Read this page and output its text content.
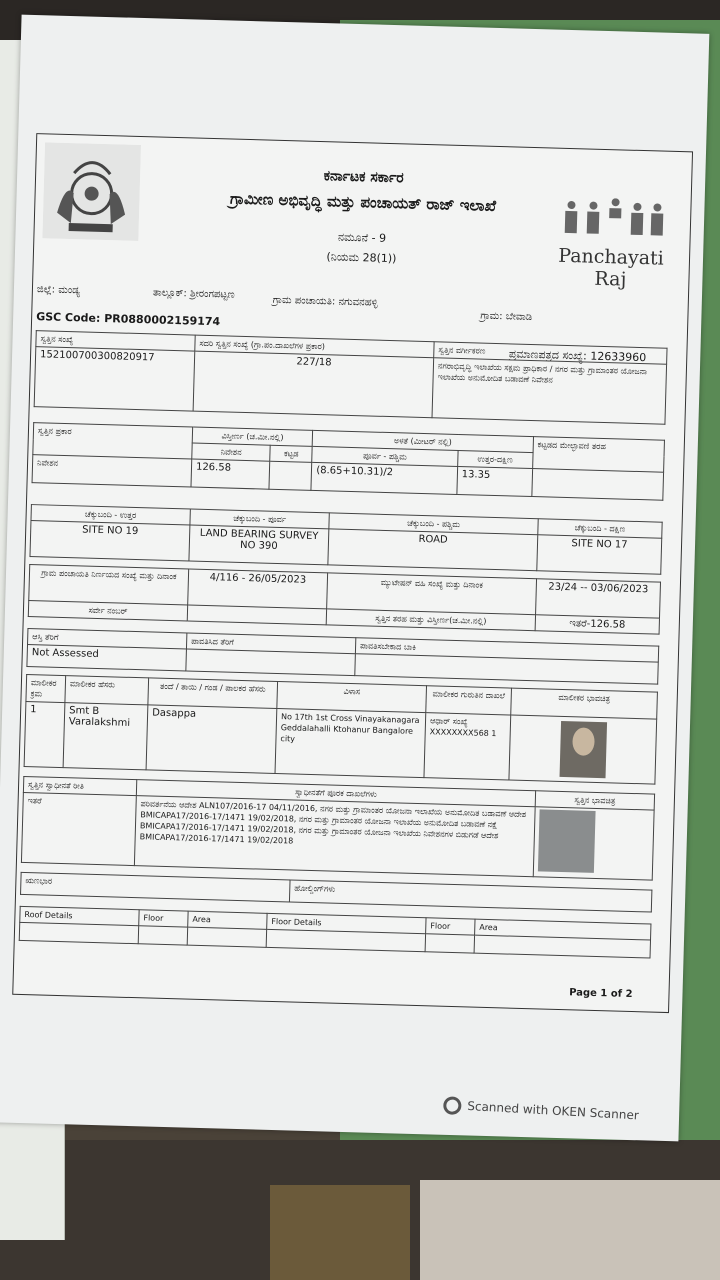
ಕರ್ನಾಟಕ ಸರ್ಕಾರ
ಗ್ರಾಮೀಣ ಅಭಿವೃದ್ಧಿ ಮತ್ತು ಪಂಚಾಯತ್ ರಾಜ್ ಇಲಾಖೆ
ನಮೂನೆ - 9
(ನಿಯಮ 28(1))	Panchayati Raj
ಜಿಲ್ಲೆ: ಮಂಡ್ಯ	ತಾಲ್ಲೂಕ್: ಶ್ರೀರಂಗಪಟ್ಟಣ
ಗ್ರಾಮ ಪಂಚಾಯತಿ: ನಗುವನಹಳ್ಳಿ
ಗ್ರಾಮ: ಬೇವಾಡಿ
GSC Code: PR0880002159174
ಪ್ರಮಾಣಪತ್ರದ ಸಂಖ್ಯೆ: 12633960
ಸ್ವತ್ತಿನ ಸಂಖ್ಯೆ	ಸದರಿ ಸ್ವತ್ತಿನ ಸಂಖ್ಯೆ (ಗ್ರಾ.ಪಂ.ದಾಖಲೆಗಳ ಪ್ರಕಾರ)	ಸ್ವತ್ತಿನ ವರ್ಗೀಕರಣ
152100700300820917	227/18	ನಗರಾಭಿವೃದ್ಧಿ ಇಲಾಖೆಯ ಸಕ್ಷಮ ಪ್ರಾಧಿಕಾರ / ನಗರ ಮತ್ತು ಗ್ರಾಮಾಂತರ ಯೋಜನಾ ಇಲಾಖೆಯ ಅನುಮೋದಿತ ಬಡಾವಣೆ ನಿವೇಶನ
ಸ್ವತ್ತಿನ ಪ್ರಕಾರ	ವಿಸ್ತೀರ್ಣ (ಚ.ಮೀ.ನಲ್ಲಿ)		ಅಳತೆ (ಮೀಟರ್ ನಲ್ಲಿ)		ಕಟ್ಟಡದ ಮೇಲ್ಛಾವಣಿ ತರಹ
	ನಿವೇಶನ	ಕಟ್ಟಡ	ಪೂರ್ವ - ಪಶ್ಚಿಮ	ಉತ್ತರ-ದಕ್ಷಿಣ	
ನಿವೇಶನ	126.58		(8.65+10.31)/2	13.35	
ಚೆಕ್ಕುಬಂದಿ - ಉತ್ತರ	ಚೆಕ್ಕುಬಂದಿ - ಪೂರ್ವ	ಚೆಕ್ಕುಬಂದಿ - ಪಶ್ಚಿಮ	ಚೆಕ್ಕುಬಂದಿ - ದಕ್ಷಿಣ
SITE NO 19	LAND BEARING SURVEY NO 390	ROAD	SITE NO 17
ಗ್ರಾಮ ಪಂಚಾಯತಿ ನಿರ್ಣಯದ ಸಂಖ್ಯೆ ಮತ್ತು ದಿನಾಂಕ	4/116 - 26/05/2023	ಮ್ಯುಟೇಷನ್ ವಹಿ ಸಂಖ್ಯೆ ಮತ್ತು ದಿನಾಂಕ	23/24 -- 03/06/2023
ಸರ್ವೇ ನಂಬರ್		ಸ್ವತ್ತಿನ ತರಹ ಮತ್ತು ವಿಸ್ತೀರ್ಣ(ಚ.ಮೀ.ನಲ್ಲಿ)	ಇತರೆ-126.58
ಆಸ್ತಿ ತೆರಿಗೆ	ಪಾವತಿಸಿದ ತೆರಿಗೆ	ಪಾವತಿಸಬೇಕಾದ ಬಾಕಿ
Not Assessed		
ಮಾಲೀಕರ ಕ್ರಮ	ಮಾಲೀಕರ ಹೆಸರು	ತಂದೆ / ತಾಯಿ / ಗಂಡ / ಪಾಲಕರ ಹೆಸರು	ವಿಳಾಸ	ಮಾಲೀಕರ ಗುರುತಿನ ದಾಖಲೆ	ಮಾಲೀಕರ ಭಾವಚಿತ್ರ
1	Smt B Varalakshmi	Dasappa	No 17th 1st Cross Vinayakanagara Geddalahalli Ktohanur Bangalore city	ಆಧಾರ್ ಸಂಖ್ಯೆ XXXXXXXX568 1	
ಸ್ವತ್ತಿನ ಸ್ವಾಧೀನತೆ ರೀತಿ	ಸ್ವಾಧೀನತೆಗೆ ಪೂರಕ ದಾಖಲೆಗಳು	ಸ್ವತ್ತಿನ ಭಾವಚಿತ್ರ
ಇತರೆ	ಪರಿವರ್ತನೆಯ ಆದೇಶ ALN107/2016-17 04/11/2016, ನಗರ ಮತ್ತು ಗ್ರಾಮಾಂತರ ಯೋಜನಾ ಇಲಾಖೆಯ ಅನುಮೋದಿತ ಬಡಾವಣೆ ಆದೇಶ BMICAPA17/2016-17/1471 19/02/2018, ನಗರ ಮತ್ತು ಗ್ರಾಮಾಂತರ ಯೋಜನಾ ಇಲಾಖೆಯ ಅನುಮೋದಿತ ಬಡಾವಣೆ ನಕ್ಷೆ BMICAPA17/2016-17/1471 19/02/2018, ನಗರ ಮತ್ತು ಗ್ರಾಮಾಂತರ ಯೋಜನಾ ಇಲಾಖೆಯ ನಿವೇಶನಗಳ ಬಿಡುಗಡೆ ಆದೇಶ BMICAPA17/2016-17/1471 19/02/2018	
ಋಣಭಾರ	ಹೋಲ್ಡಿಂಗ್‌ಗಳು
Roof Details	Floor	Area	Floor Details	Floor	Area

Page 1 of 2
Scanned with OKEN Scanner
